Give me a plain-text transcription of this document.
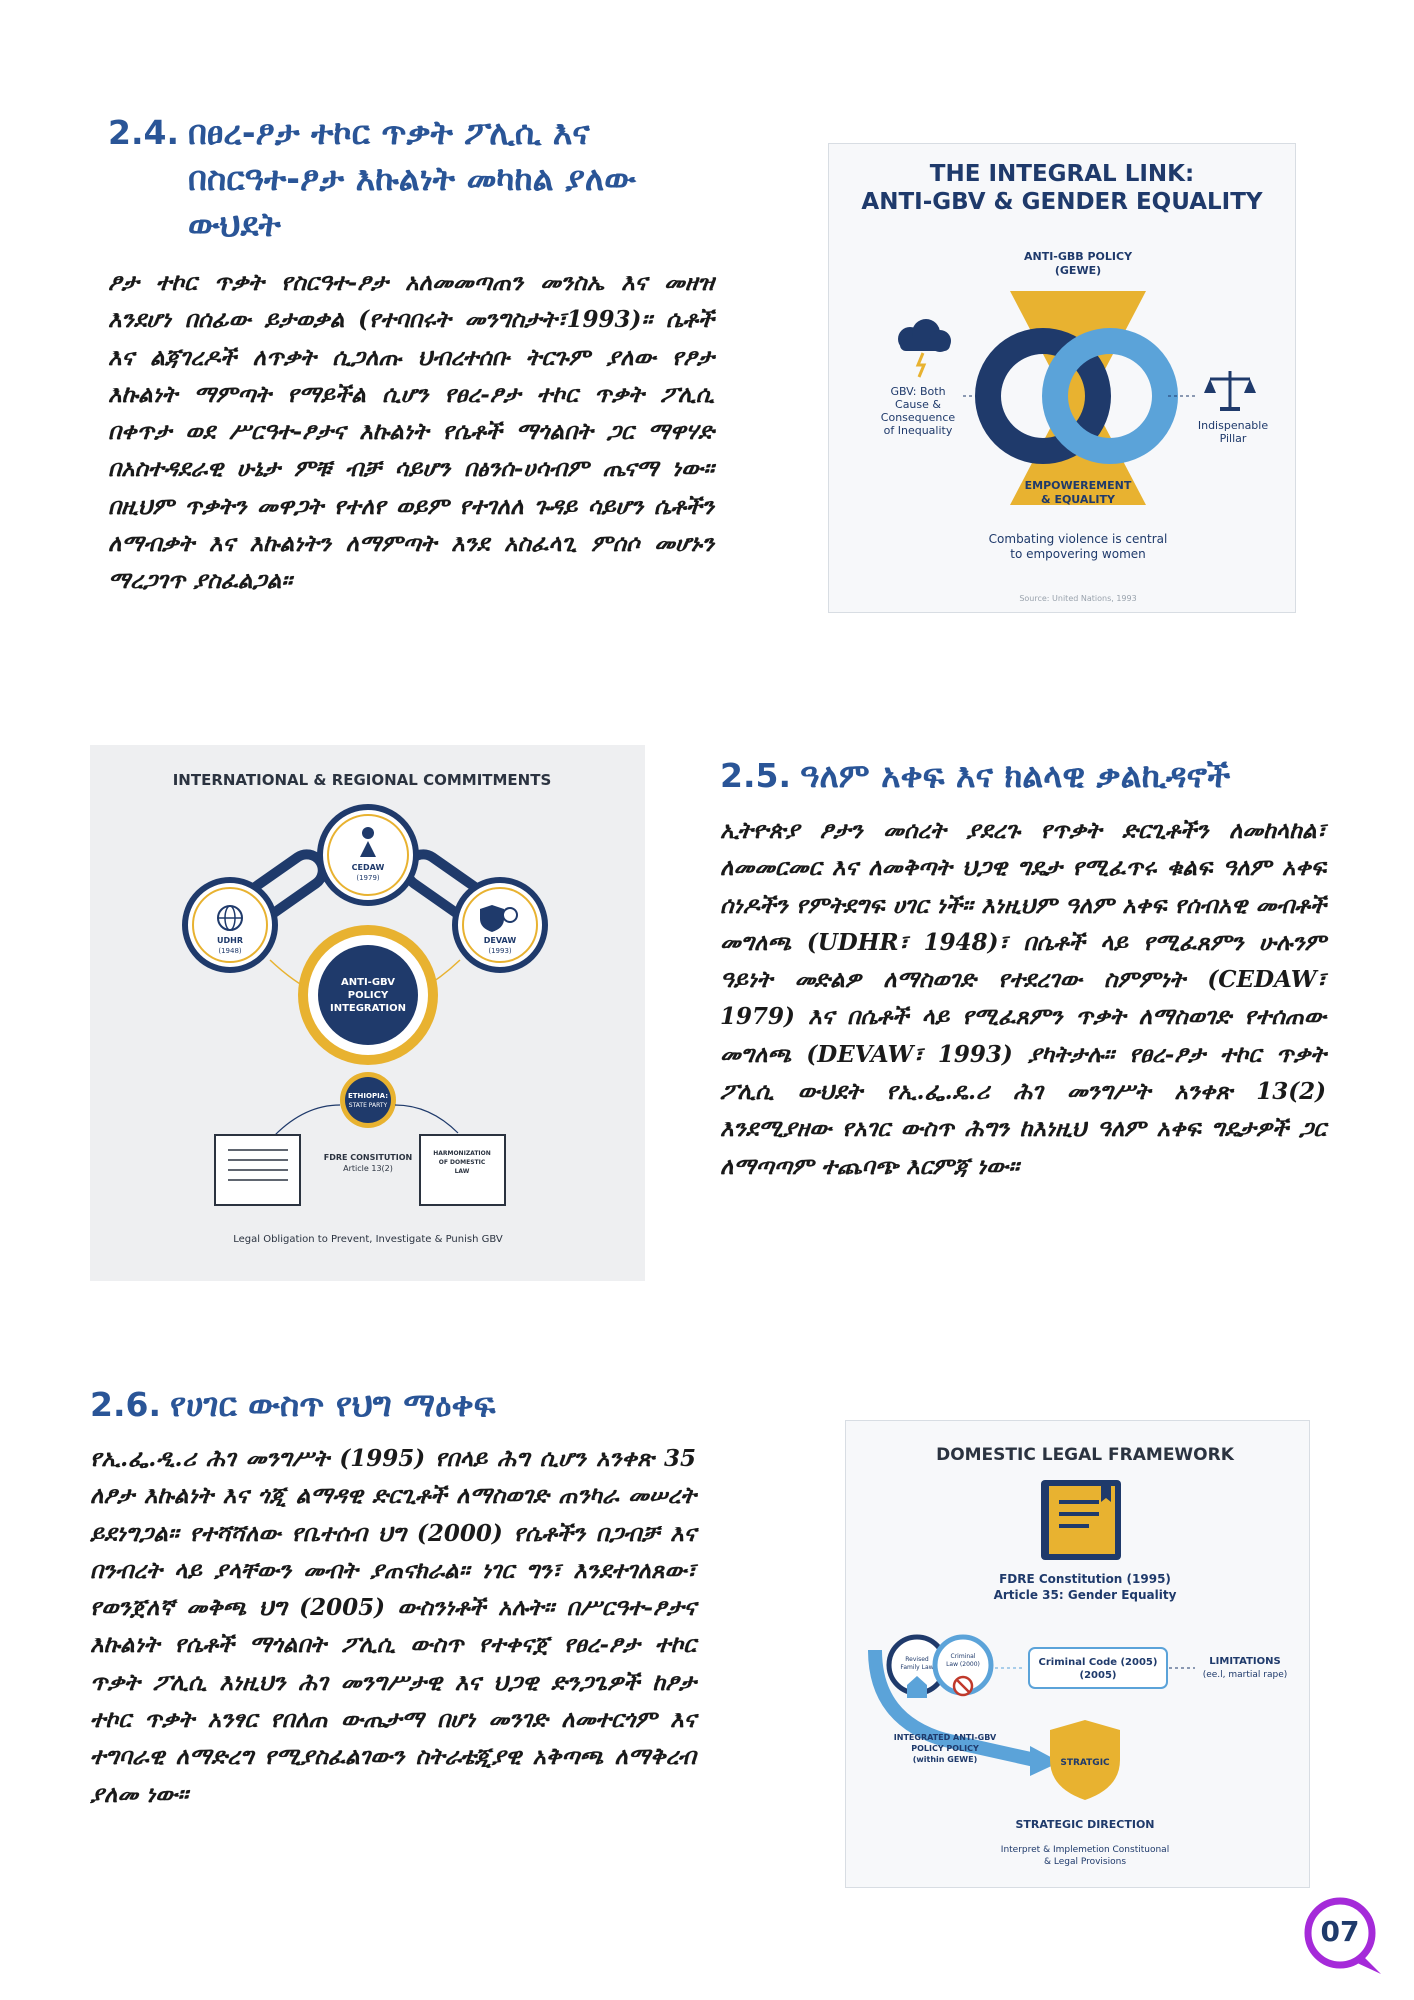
2.4. በፀረ-ፆታ ተኮር ጥቃት ፖሊሲ እና በስርዓተ-ፆታ እኩልነት መካከል ያለው ውህደት

ፆታ ተኮር ጥቃት የስርዓተ-ፆታ አለመመጣጠን መንስኤ እና መዘዝ እንደሆነ በሰፊው ይታወቃል (የተባበሩት መንግስታት፣1993)። ሴቶች እና ልጃገረዶች ለጥቃት ሲጋለጡ ህብረተሰቡ ትርጉም ያለው የፆታ እኩልነት ማምጣት የማይችል ሲሆን የፀረ-ፆታ ተኮር ጥቃት ፖሊሲ በቀጥታ ወደ ሥርዓተ-ፆታና እኩልነት የሴቶች ማጎልበት ጋር ማዋሃድ በአስተዳደራዊ ሁኔታ ምቹ ብቻ ሳይሆን በፅንሰ-ሀሳብም ጤናማ ነው። በዚህም ጥቃትን መዋጋት የተለየ ወይም የተገለለ ጉዳይ ሳይሆን ሴቶችን ለማብቃት እና እኩልነትን ለማምጣት እንደ አስፈላጊ ምሰሶ መሆኑን ማረጋገጥ ያስፈልጋል።

THE INTEGRAL LINK:
ANTI-GBV & GENDER EQUALITY
ANTI-GBB POLICY
(GEWE)
GBV: Both
Cause &
Consequence
of Inequality	Indispenable
Pillar
EMPOWEREMENT
& EQUALITY
Combating violence is central
to empovering women
Source: United Nations, 1993
INTERNATIONAL & REGIONAL COMMITMENTS
CEDAW
(1979)
UDHR
(1948)
DEVAW
(1993)
ANTI-GBV
POLICY
INTEGRATION
ETHIOPIA:
STATE PARTY
FDRE CONSITUTION
Article 13(2)
HARMONIZATION
OF DOMESTIC
LAW
Legal Obligation to Prevent, Investigate & Punish GBV
2.5. ዓለም አቀፍ እና ክልላዊ ቃልኪዳኖች

ኢትዮጵያ ፆታን መሰረት ያደረጉ የጥቃት ድርጊቶችን ለመከላከል፣ ለመመርመር እና ለመቅጣት ህጋዊ ግዴታ የሚፈጥሩ ቁልፍ ዓለም አቀፍ ሰነዶችን የምትደግፍ ሀገር ነች። እነዚህም ዓለም አቀፍ የሰብአዊ መብቶች መግለጫ (UDHR፣ 1948)፣ በሴቶች ላይ የሚፈጸምን ሁሉንም ዓይነት መድልዎ ለማስወገድ የተደረገው ስምምነት (CEDAW፣ 1979) እና በሴቶች ላይ የሚፈጸምን ጥቃት ለማስወገድ የተሰጠው መግለጫ (DEVAW፣ 1993) ያካትታሉ። የፀረ-ፆታ ተኮር ጥቃት ፖሊሲ ውህደት የኢ.ፌ.ዴ.ሪ ሕገ መንግሥት አንቀጽ 13(2) እንደሚያዘው የአገር ውስጥ ሕግን ከእነዚህ ዓለም አቀፍ ግዴታዎች ጋር ለማጣጣም ተጨባጭ እርምጃ ነው።

2.6. የሀገር ውስጥ የህግ ማዕቀፍ

የኢ.ፌ.ዲ.ሪ ሕገ መንግሥት (1995) የበላይ ሕግ ሲሆን አንቀጽ 35 ለፆታ እኩልነት እና ጎጂ ልማዳዊ ድርጊቶች ለማስወገድ ጠንካራ መሠረት ይደነግጋል። የተሻሻለው የቤተሰብ ህግ (2000) የሴቶችን በጋብቻ እና በንብረት ላይ ያላቸውን መብት ያጠናክራል። ነገር ግን፣ እንደተገለጸው፣ የወንጀለኛ መቅጫ ህግ (2005) ውስንነቶች አሉት። በሥርዓተ-ፆታና እኩልነት የሴቶች ማጎልበት ፖሊሲ ውስጥ የተቀናጀ የፀረ-ፆታ ተኮር ጥቃት ፖሊሲ እነዚህን ሕገ መንግሥታዊ እና ህጋዊ ድንጋጌዎች ከፆታ ተኮር ጥቃት አንፃር የበለጠ ውጤታማ በሆነ መንገድ ለመተርጎም እና ተግባራዊ ለማድረግ የሚያስፈልገውን ስትራቴጂያዊ አቅጣጫ ለማቅረብ ያለመ ነው።

DOMESTIC LEGAL FRAMEWORK
FDRE Constitution (1995)
Article 35: Gender Equality
Revised
Family Law
Criminal
Law (2000)	Criminal Code (2005)
(2005)
LIMITATIONS
(ee.l, martial rape)
INTEGRATED ANTI-GBV
POLICY POLICY
(within GEWE)	STRATGIC
STRATEGIC DIRECTION
Interpret & Implemetion Constituonal
& Legal Provisions
07
